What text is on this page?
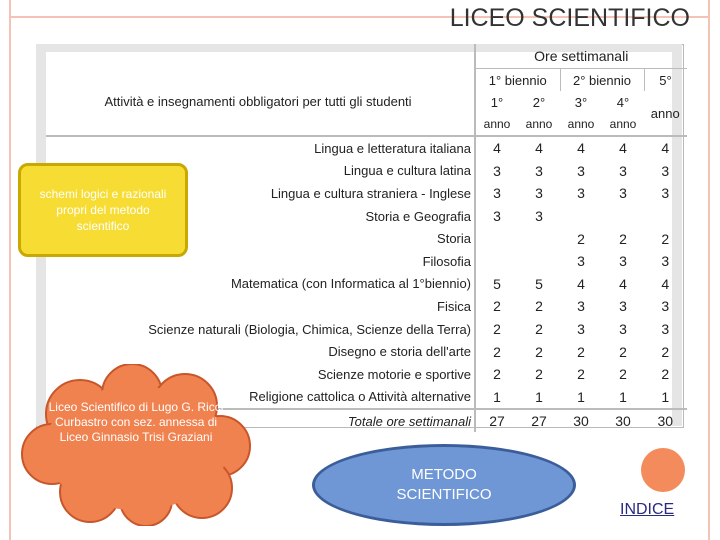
LICEO SCIENTIFICO
	Ore settimanali				
Attività e insegnamenti obbligatori per tutti gli studenti	1° biennio		2° biennio		5°
	1°	2°	3°	4°	anno
	anno	anno	anno	anno	
Lingua e letteratura italiana	4	4	4	4	4
Lingua e cultura latina	3	3	3	3	3
Lingua e cultura straniera - Inglese	3	3	3	3	3
Storia e Geografia	3	3			
Storia			2	2	2
Filosofia			3	3	3
Matematica (con Informatica al 1°biennio)	5	5	4	4	4
Fisica	2	2	3	3	3
Scienze naturali (Biologia, Chimica, Scienze della Terra)	2	2	3	3	3
Disegno e storia dell'arte	2	2	2	2	2
Scienze motorie e sportive	2	2	2	2	2
Religione cattolica o Attività alternative	1	1	1	1	1
Totale ore settimanali	27	27	30	30	30
schemi logici e razionali propri del metodo scientifico
Liceo Scientifico di Lugo G. Ricci Curbastro con sez. annessa di Liceo Ginnasio Trisi Graziani
METODO SCIENTIFICO
INDICE
